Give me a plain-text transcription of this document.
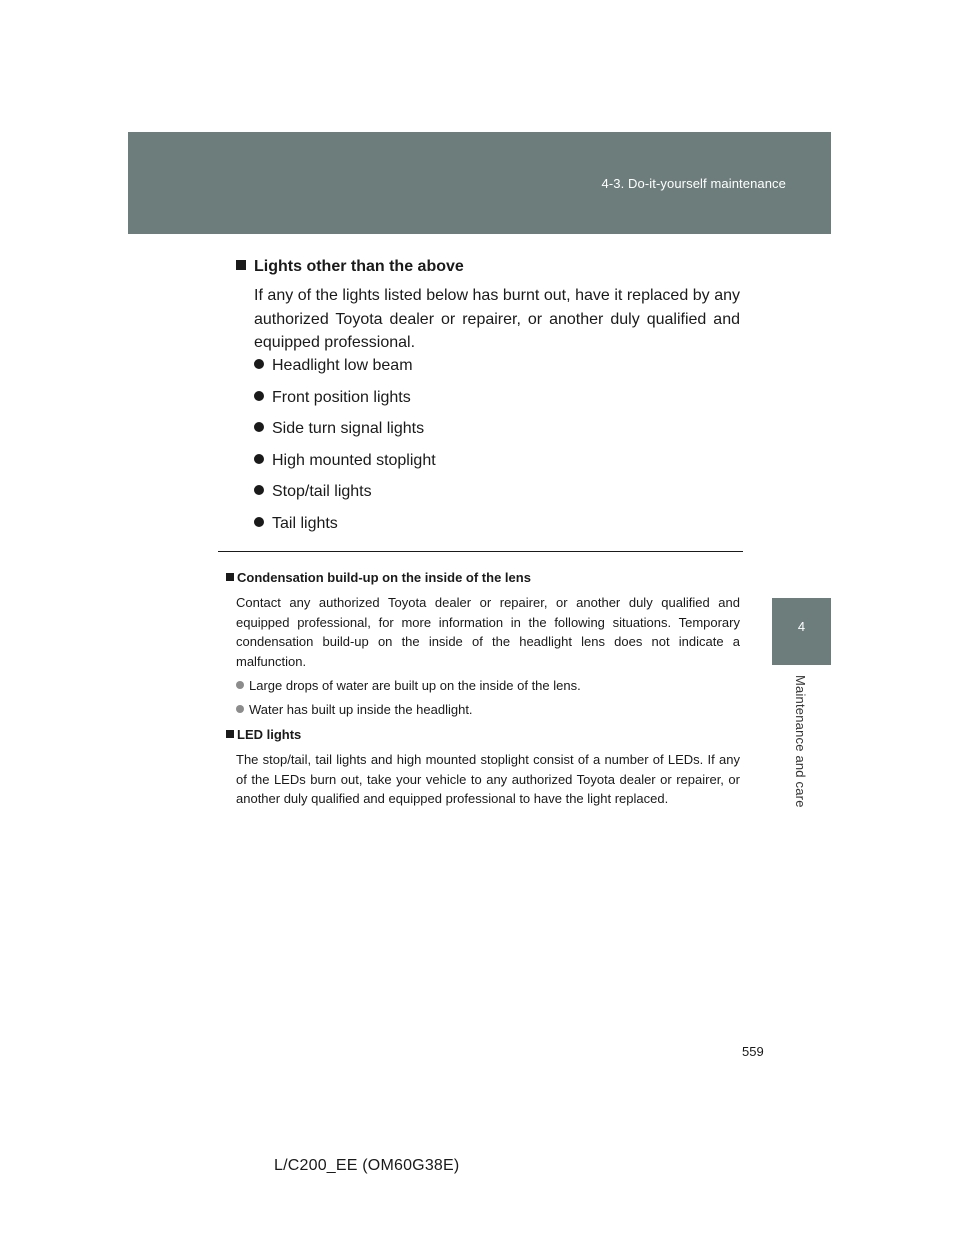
4-3. Do-it-yourself maintenance
4
Maintenance and care
Lights other than the above
If any of the lights listed below has burnt out, have it replaced by any authorized Toyota dealer or repairer, or another duly qualified and equipped professional.
Headlight low beam
Front position lights
Side turn signal lights
High mounted stoplight
Stop/tail lights
Tail lights
Condensation build-up on the inside of the lens
Contact any authorized Toyota dealer or repairer, or another duly qualified and equipped professional, for more information in the following situations. Temporary condensation build-up on the inside of the headlight lens does not indicate a malfunction.
Large drops of water are built up on the inside of the lens.
Water has built up inside the headlight.
LED lights
The stop/tail, tail lights and high mounted stoplight consist of a number of LEDs. If any of the LEDs burn out, take your vehicle to any authorized Toyota dealer or repairer, or another duly qualified and equipped professional to have the light replaced.
559
L/C200_EE (OM60G38E)
